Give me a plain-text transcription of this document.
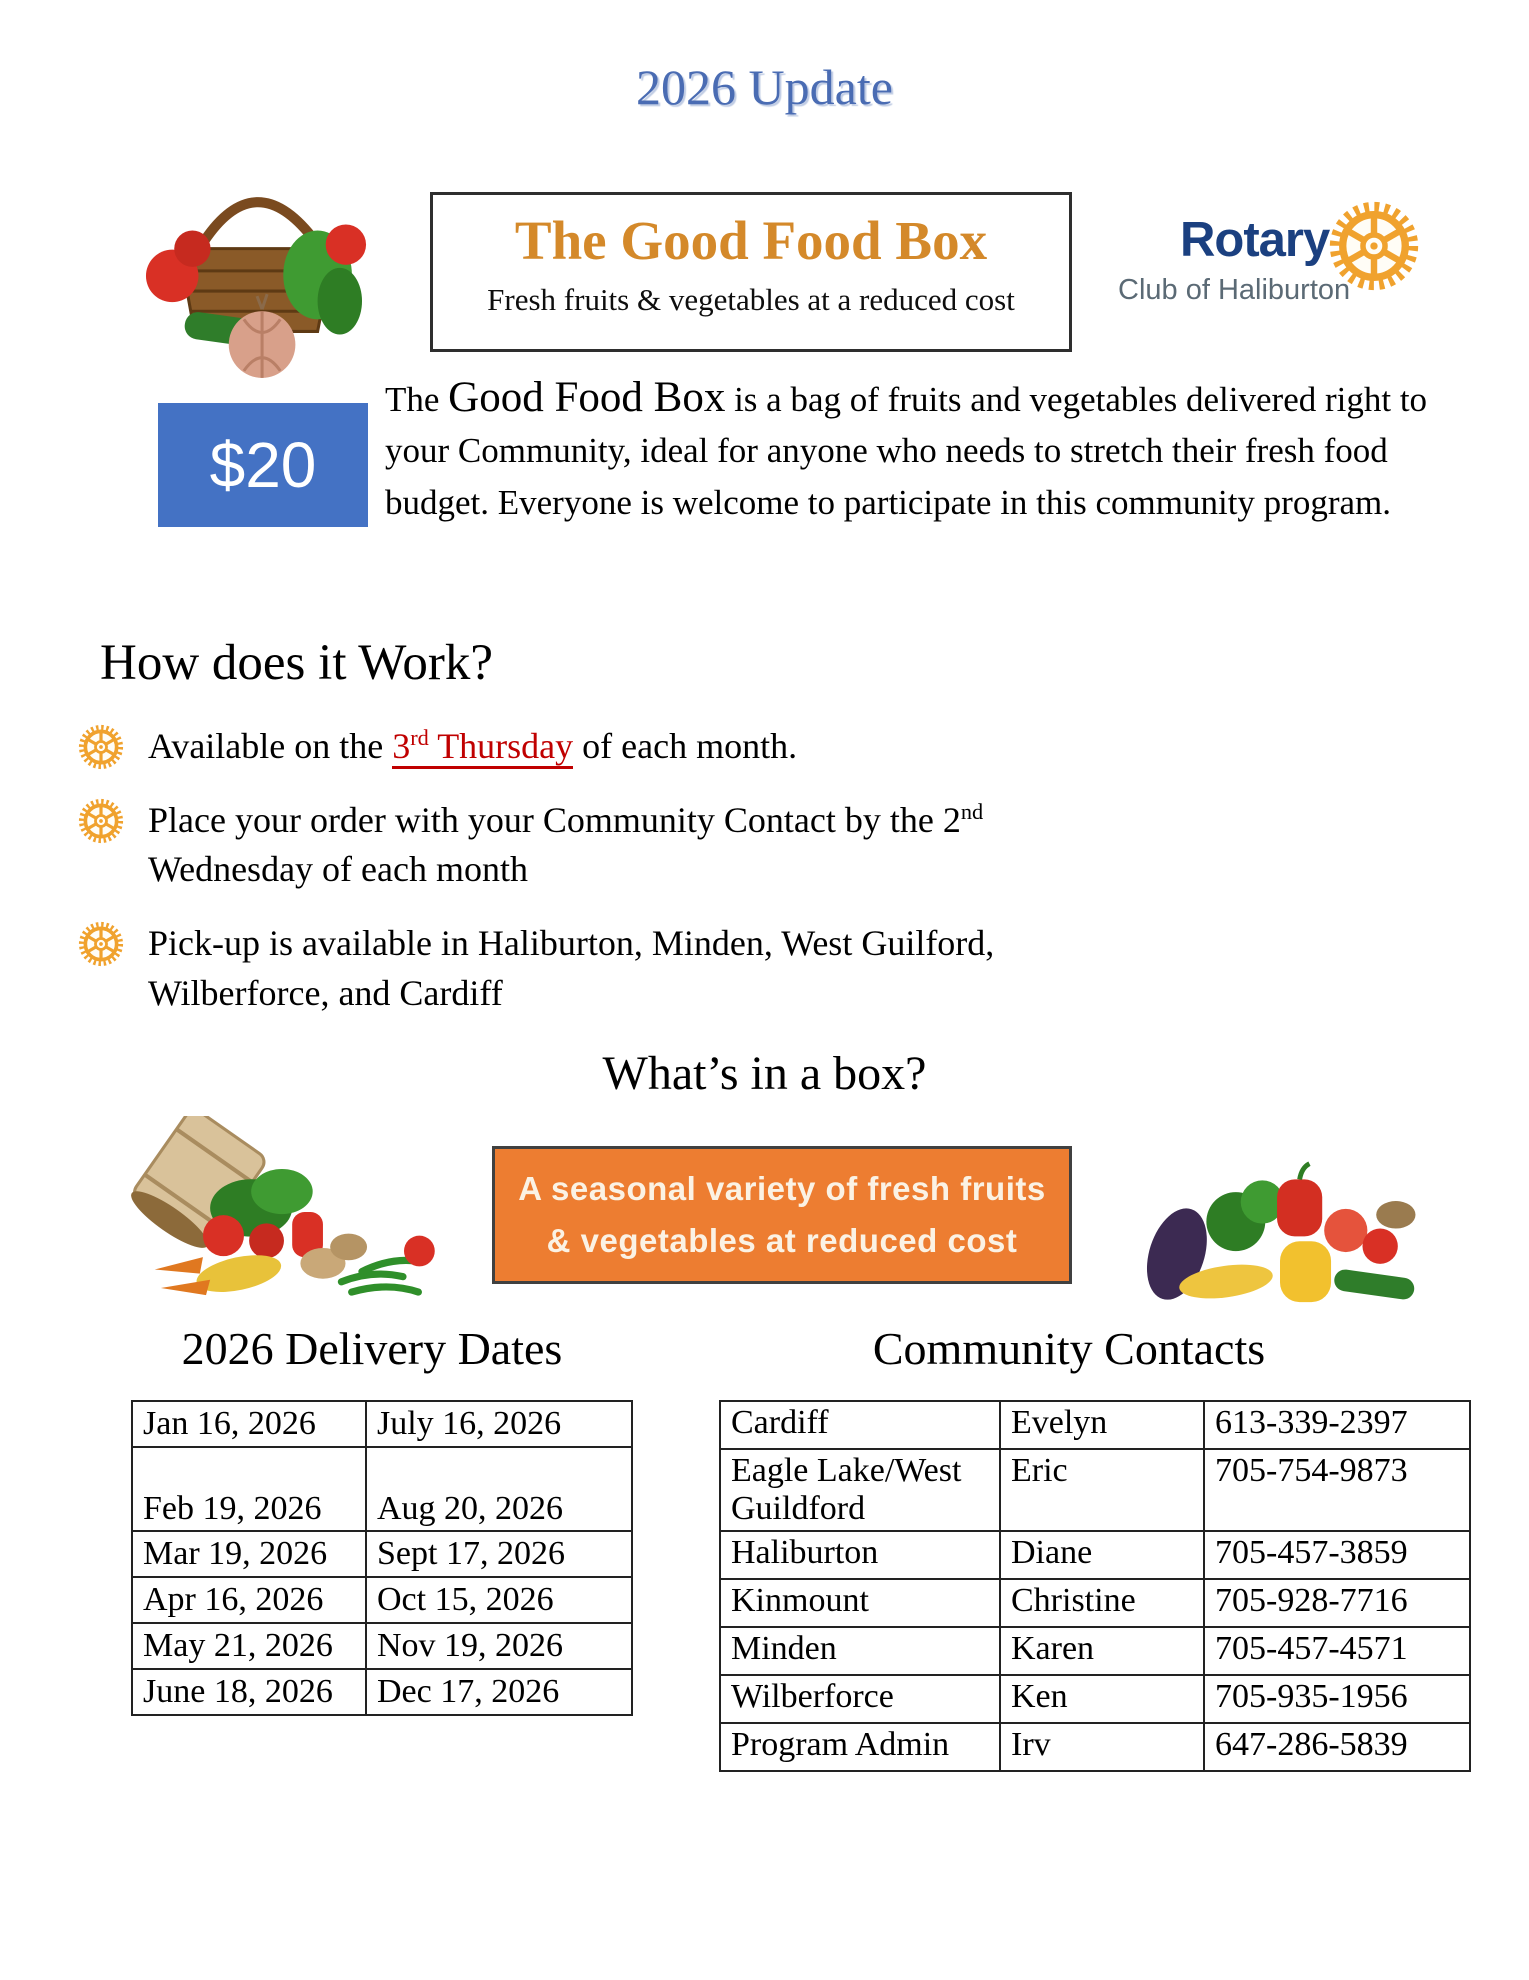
2026 Update
The Good Food Box
Fresh fruits & vegetables at a reduced cost
Rotary
Club of Haliburton
$20
The Good Food Box is a bag of fruits and vegetables delivered right to your Community, ideal for anyone who needs to stretch their fresh food budget. Everyone is welcome to participate in this community program.
How does it Work?
Available on the 3rd Thursday of each month.
Place your order with your Community Contact by the 2nd
Wednesday of each month
Pick-up is available in Haliburton, Minden, West Guilford,
Wilberforce, and Cardiff
What’s in a box?
A seasonal variety of fresh fruits
& vegetables at reduced cost
2026 Delivery Dates	Community Contacts
Jan 16, 2026	July 16, 2026
Feb 19, 2026	Aug 20, 2026
Mar 19, 2026	Sept 17, 2026
Apr 16, 2026	Oct 15, 2026
May 21, 2026	Nov 19, 2026
June 18, 2026	Dec 17, 2026
Cardiff	Evelyn	613-339-2397
Eagle Lake/West Guildford	Eric	705-754-9873
Haliburton	Diane	705-457-3859
Kinmount	Christine	705-928-7716
Minden	Karen	705-457-4571
Wilberforce	Ken	705-935-1956
Program Admin	Irv	647-286-5839
